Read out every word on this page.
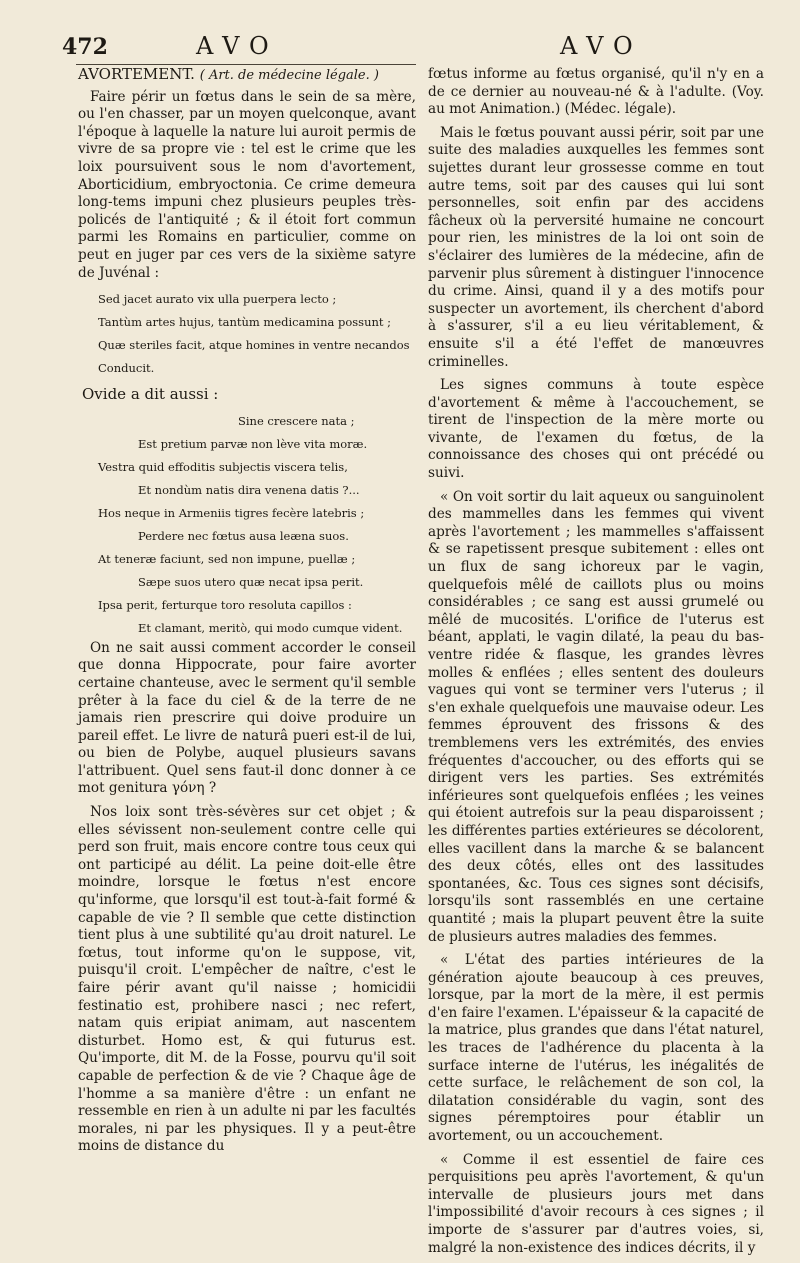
472	AVO	AVO
AVORTEMENT. ( Art. de médecine légale. )

Faire périr un fœtus dans le sein de sa mère, ou l'en chasser, par un moyen quelconque, avant l'époque à laquelle la nature lui auroit permis de vivre de sa propre vie : tel est le crime que les loix poursuivent sous le nom d'avortement, Aborticidium, embryoctonia. Ce crime demeura long-tems impuni chez plusieurs peuples très-policés de l'antiquité ; & il étoit fort commun parmi les Romains en particulier, comme on peut en juger par ces vers de la sixième satyre de Juvénal :

Sed jacet aurato vix ulla puerpera lecto ;
Tantùm artes hujus, tantùm medicamina possunt ;
Quæ steriles facit, atque homines in ventre necandos
Conducit.
Ovide a dit aussi :
Sine crescere nata ;
Est pretium parvæ non lève vita moræ.
Vestra quid effoditis subjectis viscera telis,
Et nondùm natis dira venena datis ?...
Hos neque in Armeniis tigres fecère latebris ;
Perdere nec fœtus ausa leæna suos.
At teneræ faciunt, sed non impune, puellæ ;
Sæpe suos utero quæ necat ipsa perit.
Ipsa perit, ferturque toro resoluta capillos :
Et clamant, meritò, qui modo cumque vident.

On ne sait aussi comment accorder le conseil que donna Hippocrate, pour faire avorter certaine chanteuse, avec le serment qu'il semble prêter à la face du ciel & de la terre de ne jamais rien prescrire qui doive produire un pareil effet. Le livre de naturâ pueri est-il de lui, ou bien de Polybe, auquel plusieurs savans l'attribuent. Quel sens faut-il donc donner à ce mot genitura γόνη ?

Nos loix sont très-sévères sur cet objet ; & elles sévissent non-seulement contre celle qui perd son fruit, mais encore contre tous ceux qui ont participé au délit. La peine doit-elle être moindre, lorsque le fœtus n'est encore qu'informe, que lorsqu'il est tout-à-fait formé & capable de vie ? Il semble que cette distinction tient plus à une subtilité qu'au droit naturel. Le fœtus, tout informe qu'on le suppose, vit, puisqu'il croit. L'empêcher de naître, c'est le faire périr avant qu'il naisse ; homicidii festinatio est, prohibere nasci ; nec refert, natam quis eripiat animam, aut nascentem disturbet. Homo est, & qui futurus est. Qu'importe, dit M. de la Fosse, pourvu qu'il soit capable de perfection & de vie ? Chaque âge de l'homme a sa manière d'être : un enfant ne ressemble en rien à un adulte ni par les facultés morales, ni par les physiques. Il y a peut-être moins de distance du

fœtus informe au fœtus organisé, qu'il n'y en a de ce dernier au nouveau-né & à l'adulte. (Voy. au mot Animation.) (Médec. légale).

Mais le fœtus pouvant aussi périr, soit par une suite des maladies auxquelles les femmes sont sujettes durant leur grossesse comme en tout autre tems, soit par des causes qui lui sont personnelles, soit enfin par des accidens fâcheux où la perversité humaine ne concourt pour rien, les ministres de la loi ont soin de s'éclairer des lumières de la médecine, afin de parvenir plus sûrement à distinguer l'innocence du crime. Ainsi, quand il y a des motifs pour suspecter un avortement, ils cherchent d'abord à s'assurer, s'il a eu lieu véritablement, & ensuite s'il a été l'effet de manœuvres criminelles.

Les signes communs à toute espèce d'avortement & même à l'accouchement, se tirent de l'inspection de la mère morte ou vivante, de l'examen du fœtus, de la connoissance des choses qui ont précédé ou suivi.

« On voit sortir du lait aqueux ou sanguinolent des mammelles dans les femmes qui vivent après l'avortement ; les mammelles s'affaissent & se rapetissent presque subitement : elles ont un flux de sang ichoreux par le vagin, quelquefois mêlé de caillots plus ou moins considérables ; ce sang est aussi grumelé ou mêlé de mucosités. L'orifice de l'uterus est béant, applati, le vagin dilaté, la peau du bas-ventre ridée & flasque, les grandes lèvres molles & enflées ; elles sentent des douleurs vagues qui vont se terminer vers l'uterus ; il s'en exhale quelquefois une mauvaise odeur. Les femmes éprouvent des frissons & des tremblemens vers les extrémités, des envies fréquentes d'accoucher, ou des efforts qui se dirigent vers les parties. Ses extrémités inférieures sont quelquefois enflées ; les veines qui étoient autrefois sur la peau disparoissent ; les différentes parties extérieures se décolorent, elles vacillent dans la marche & se balancent des deux côtés, elles ont des lassitudes spontanées, &c. Tous ces signes sont décisifs, lorsqu'ils sont rassemblés en une certaine quantité ; mais la plupart peuvent être la suite de plusieurs autres maladies des femmes.

« L'état des parties intérieures de la génération ajoute beaucoup à ces preuves, lorsque, par la mort de la mère, il est permis d'en faire l'examen. L'épaisseur & la capacité de la matrice, plus grandes que dans l'état naturel, les traces de l'adhérence du placenta à la surface interne de l'utérus, les inégalités de cette surface, le relâchement de son col, la dilatation considérable du vagin, sont des signes péremptoires pour établir un avortement, ou un accouchement.

« Comme il est essentiel de faire ces perquisitions peu après l'avortement, & qu'un intervalle de plusieurs jours met dans l'impossibilité d'avoir recours à ces signes ; il importe de s'assurer par d'autres voies, si, malgré la non-existence des indices décrits, il y
